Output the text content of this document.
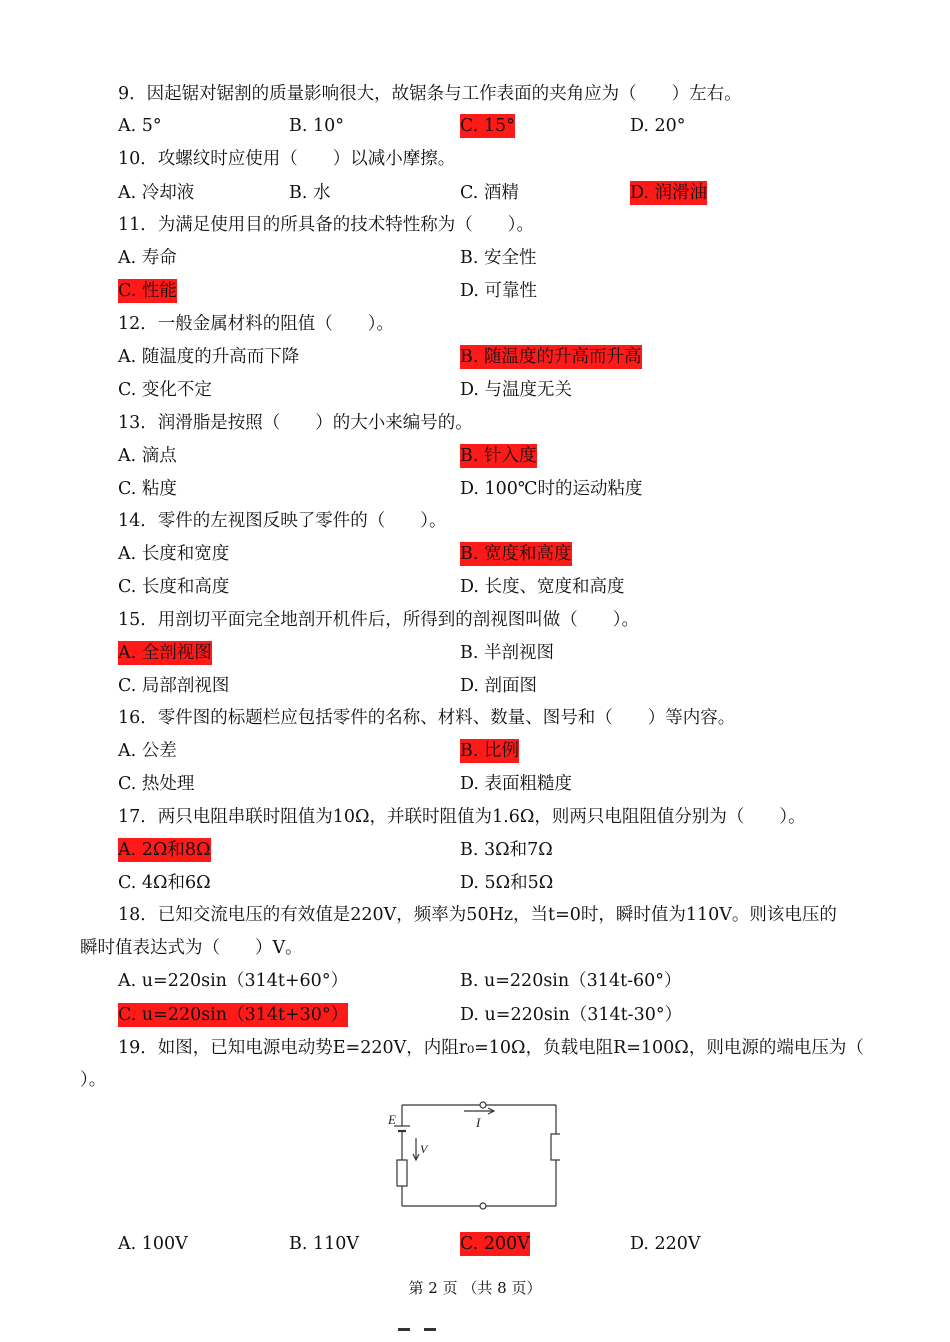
9．因起锯对锯割的质量影响很大，故锯条与工作表面的夹角应为（　　）左右。
A. 5°	B. 10°	C. 15°	D. 20°
10．攻螺纹时应使用（　　）以减小摩擦。
A. 冷却液	B. 水	C. 酒精	D. 润滑油
11．为满足使用目的所具备的技术特性称为（　　）。
A. 寿命	B. 安全性
C. 性能	D. 可靠性
12．一般金属材料的阻值（　　）。
A. 随温度的升高而下降	B. 随温度的升高而升高
C. 变化不定	D. 与温度无关
13．润滑脂是按照（　　）的大小来编号的。
A. 滴点	B. 针入度
C. 粘度	D. 100℃时的运动粘度
14．零件的左视图反映了零件的（　　）。
A. 长度和宽度	B. 宽度和高度
C. 长度和高度	D. 长度、宽度和高度
15．用剖切平面完全地剖开机件后，所得到的剖视图叫做（　　）。
A. 全剖视图	B. 半剖视图
C. 局部剖视图	D. 剖面图
16．零件图的标题栏应包括零件的名称、材料、数量、图号和（　　）等内容。
A. 公差	B. 比例
C. 热处理	D. 表面粗糙度
17．两只电阻串联时阻值为10Ω，并联时阻值为1.6Ω，则两只电阻阻值分别为（　　）。
A. 2Ω和8Ω	B. 3Ω和7Ω
C. 4Ω和6Ω	D. 5Ω和5Ω
18．已知交流电压的有效值是220V，频率为50Hz，当t=0时，瞬时值为110V。则该电压的
瞬时值表达式为（　　）V。
A. u=220sin（314t+60°）	B. u=220sin（314t-60°）
C. u=220sin（314t+30°）	D. u=220sin（314t-30°）
19．如图，已知电源电动势E=220V，内阻r₀=10Ω，负载电阻R=100Ω，则电源的端电压为（
）。
E	I
V
A. 100V	B. 110V	C. 200V	D. 220V
第 2 页 （共 8 页）
